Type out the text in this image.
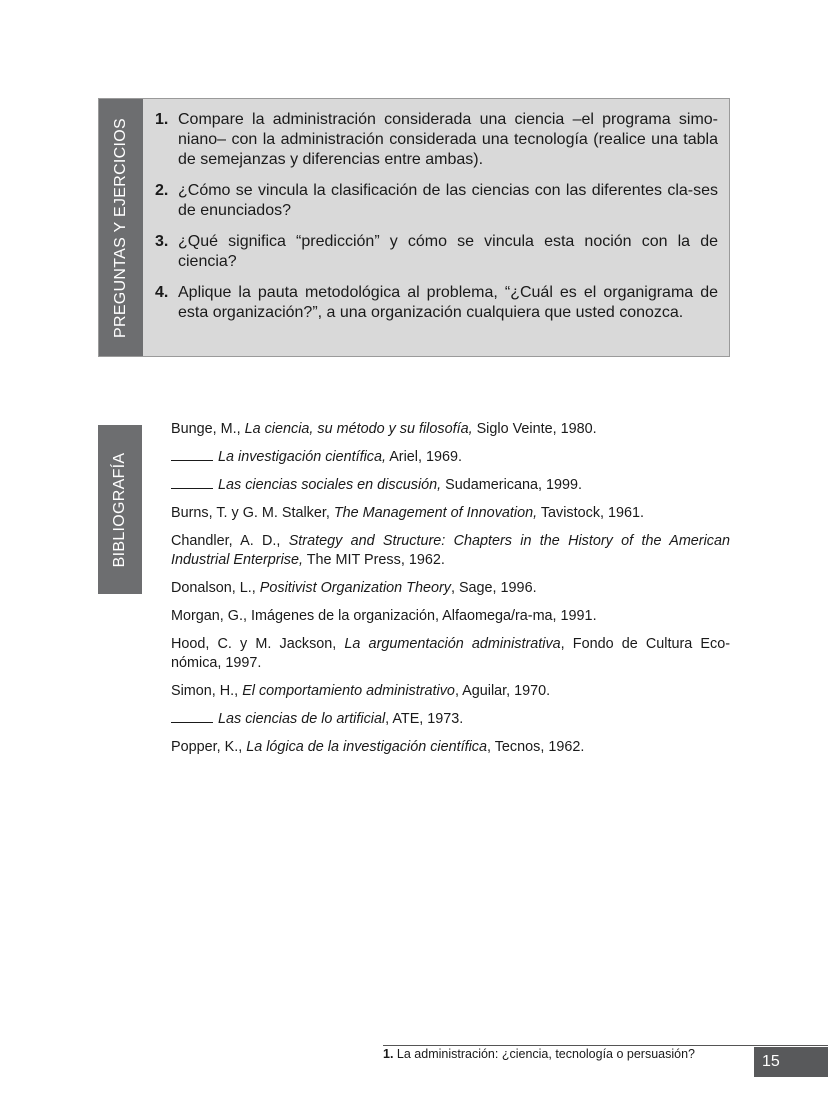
PREGUNTAS Y EJERCICIOS 1. Compare la administración considerada una ciencia –el programa simo-niano– con la administración considerada una tecnología (realice una tabla de semejanzas y diferencias entre ambas).
2. ¿Cómo se vincula la clasificación de las ciencias con las diferentes cla-ses de enunciados?
3. ¿Qué significa “predicción” y cómo se vincula esta noción con la de ciencia?
4. Aplique la pauta metodológica al problema, “¿Cuál es el organigrama de esta organización?”, a una organización cualquiera que usted conozca.
BIBLIOGRAFÍA

Bunge, M., La ciencia, su método y su filosofía, Siglo Veinte, 1980.

La investigación científica, Ariel, 1969.

Las ciencias sociales en discusión, Sudamericana, 1999.

Burns, T. y G. M. Stalker, The Management of Innovation, Tavistock, 1961.

Chandler, A. D., Strategy and Structure: Chapters in the History of the American Industrial Enterprise, The MIT Press, 1962.

Donalson, L., Positivist Organization Theory, Sage, 1996.

Morgan, G., Imágenes de la organización, Alfaomega/ra-ma, 1991.

Hood, C. y M. Jackson, La argumentación administrativa, Fondo de Cultura Eco-nómica, 1997.

Simon, H., El comportamiento administrativo, Aguilar, 1970.

Las ciencias de lo artificial, ATE, 1973.

Popper, K., La lógica de la investigación científica, Tecnos, 1962.

1. La administración: ¿ciencia, tecnología o persuasión?	15
